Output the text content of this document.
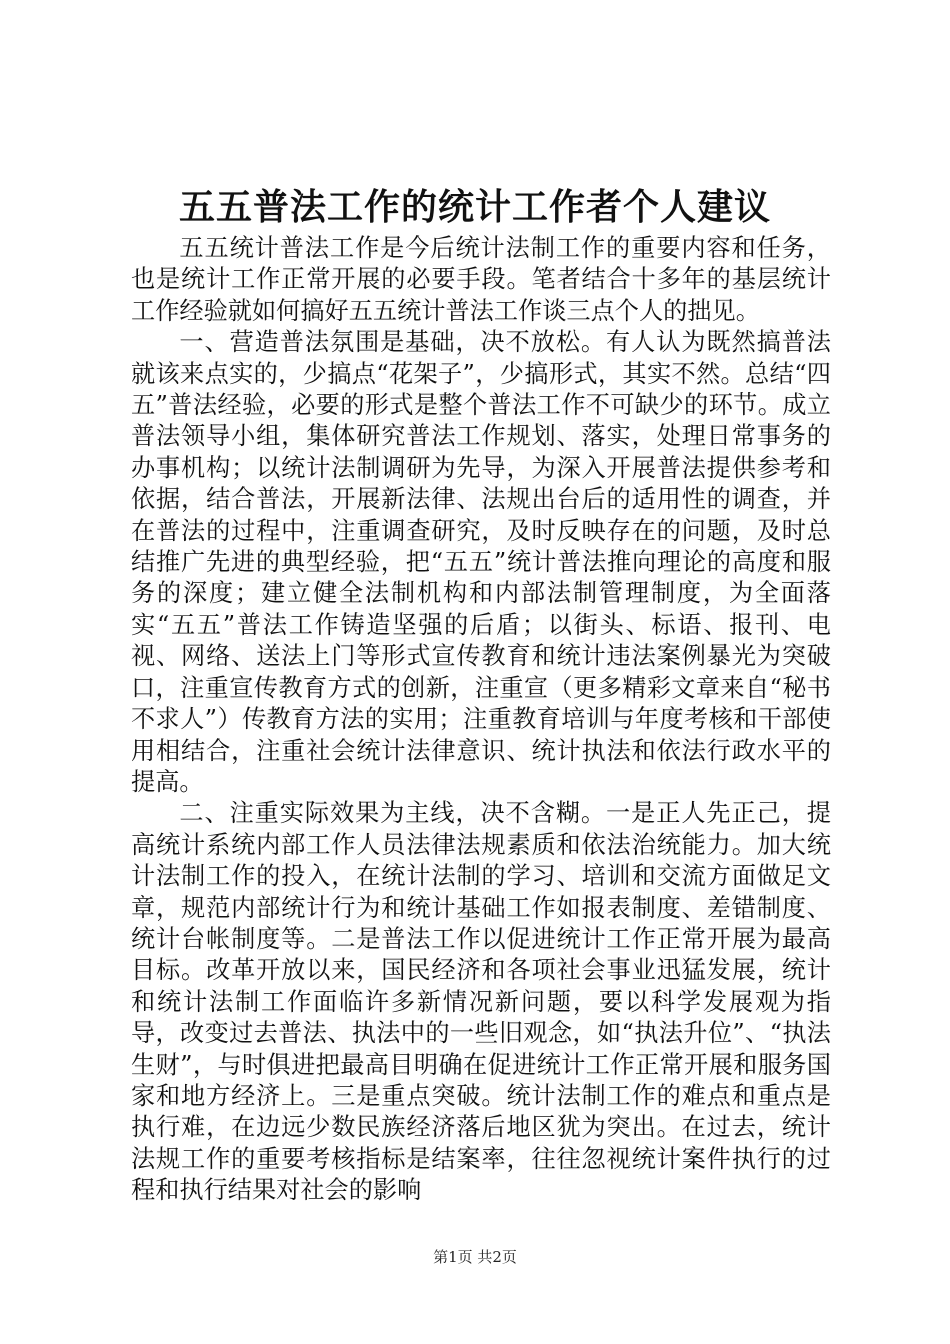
五五普法工作的统计工作者个人建议

五五统计普法工作是今后统计法制工作的重要内容和任务，也是统计工作正常开展的必要手段。笔者结合十多年的基层统计工作经验就如何搞好五五统计普法工作谈三点个人的拙见。

一、营造普法氛围是基础，决不放松。有人认为既然搞普法就该来点实的，少搞点“花架子”，少搞形式，其实不然。总结“四五”普法经验，必要的形式是整个普法工作不可缺少的环节。成立普法领导小组，集体研究普法工作规划、落实，处理日常事务的办事机构；以统计法制调研为先导，为深入开展普法提供参考和依据，结合普法，开展新法律、法规出台后的适用性的调查，并在普法的过程中，注重调查研究，及时反映存在的问题，及时总结推广先进的典型经验，把“五五”统计普法推向理论的高度和服务的深度；建立健全法制机构和内部法制管理制度，为全面落实“五五”普法工作铸造坚强的后盾；以街头、标语、报刊、电视、网络、送法上门等形式宣传教育和统计违法案例暴光为突破口，注重宣传教育方式的创新，注重宣（更多精彩文章来自“秘书不求人”）传教育方法的实用；注重教育培训与年度考核和干部使用相结合，注重社会统计法律意识、统计执法和依法行政水平的提高。

二、注重实际效果为主线，决不含糊。一是正人先正己，提高统计系统内部工作人员法律法规素质和依法治统能力。加大统计法制工作的投入，在统计法制的学习、培训和交流方面做足文章，规范内部统计行为和统计基础工作如报表制度、差错制度、统计台帐制度等。二是普法工作以促进统计工作正常开展为最高目标。改革开放以来，国民经济和各项社会事业迅猛发展，统计和统计法制工作面临许多新情况新问题，要以科学发展观为指导，改变过去普法、执法中的一些旧观念，如“执法升位”、“执法生财”，与时俱进把最高目明确在促进统计工作正常开展和服务国家和地方经济上。三是重点突破。统计法制工作的难点和重点是执行难，在边远少数民族经济落后地区犹为突出。在过去，统计法规工作的重要考核指标是结案率，往往忽视统计案件执行的过程和执行结果对社会的影响

第1页 共2页
